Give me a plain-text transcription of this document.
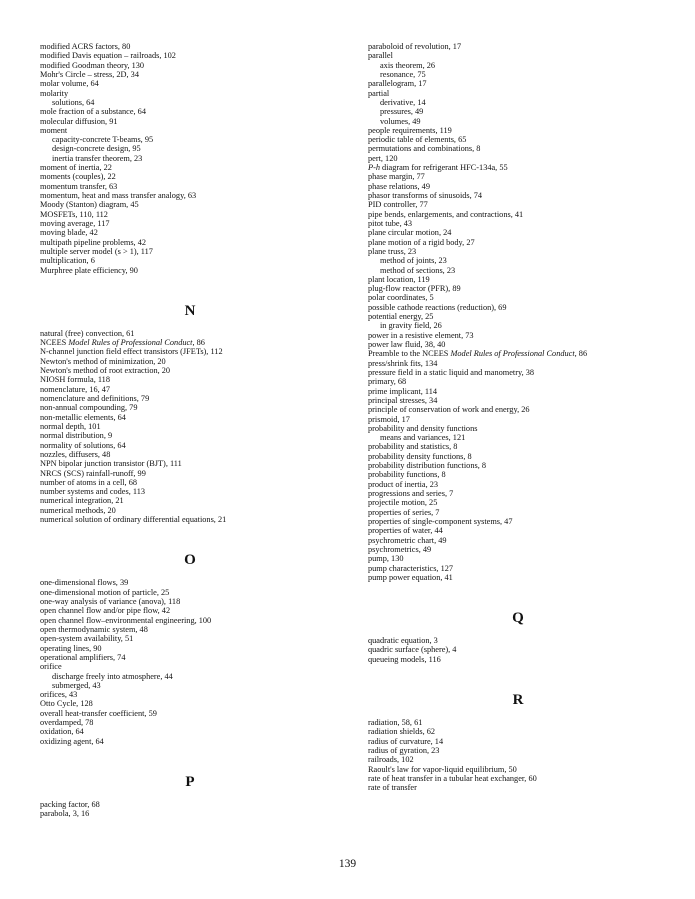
modified ACRS factors, 80
modified Davis equation – railroads, 102
modified Goodman theory, 130
Mohr's Circle – stress, 2D, 34
molar volume, 64
molarity
solutions, 64
mole fraction of a substance, 64
molecular diffusion, 91
moment
capacity-concrete T-beams, 95
design-concrete design, 95
inertia transfer theorem, 23
moment of inertia, 22
moments (couples), 22
momentum transfer, 63
momentum, heat and mass transfer analogy, 63
Moody (Stanton) diagram, 45
MOSFETs, 110, 112
moving average, 117
moving blade, 42
multipath pipeline problems, 42
multiple server model (s > 1), 117
multiplication, 6
Murphree plate efficiency, 90
N
natural (free) convection, 61
NCEES Model Rules of Professional Conduct, 86
N-channel junction field effect transistors (JFETs), 112
Newton's method of minimization, 20
Newton's method of root extraction, 20
NIOSH formula, 118
nomenclature, 16, 47
nomenclature and definitions, 79
non-annual compounding, 79
non-metallic elements, 64
normal depth, 101
normal distribution, 9
normality of solutions, 64
nozzles, diffusers, 48
NPN bipolar junction transistor (BJT), 111
NRCS (SCS) rainfall-runoff, 99
number of atoms in a cell, 68
number systems and codes, 113
numerical integration, 21
numerical methods, 20
numerical solution of ordinary differential equations, 21
O
one-dimensional flows, 39
one-dimensional motion of particle, 25
one-way analysis of variance (anova), 118
open channel flow and/or pipe flow, 42
open channel flow–environmental engineering, 100
open thermodynamic system, 48
open-system availability, 51
operating lines, 90
operational amplifiers, 74
orifice
discharge freely into atmosphere, 44
submerged, 43
orifices, 43
Otto Cycle, 128
overall heat-transfer coefficient, 59
overdamped, 78
oxidation, 64
oxidizing agent, 64
P
packing factor, 68
parabola, 3, 16
paraboloid of revolution, 17
parallel
axis theorem, 26
resonance, 75
parallelogram, 17
partial
derivative, 14
pressures, 49
volumes, 49
people requirements, 119
periodic table of elements, 65
permutations and combinations, 8
pert, 120
P-h diagram for refrigerant HFC-134a, 55
phase margin, 77
phase relations, 49
phasor transforms of sinusoids, 74
PID controller, 77
pipe bends, enlargements, and contractions, 41
pitot tube, 43
plane circular motion, 24
plane motion of a rigid body, 27
plane truss, 23
method of joints, 23
method of sections, 23
plant location, 119
plug-flow reactor (PFR), 89
polar coordinates, 5
possible cathode reactions (reduction), 69
potential energy, 25
in gravity field, 26
power in a resistive element, 73
power law fluid, 38, 40
Preamble to the NCEES Model Rules of Professional Conduct, 86
press/shrink fits, 134
pressure field in a static liquid and manometry, 38
primary, 68
prime implicant, 114
principal stresses, 34
principle of conservation of work and energy, 26
prismoid, 17
probability and density functions
means and variances, 121
probability and statistics, 8
probability density functions, 8
probability distribution functions, 8
probability functions, 8
product of inertia, 23
progressions and series, 7
projectile motion, 25
properties of series, 7
properties of single-component systems, 47
properties of water, 44
psychrometric chart, 49
psychrometrics, 49
pump, 130
pump characteristics, 127
pump power equation, 41
Q
quadratic equation, 3
quadric surface (sphere), 4
queueing models, 116
R
radiation, 58, 61
radiation shields, 62
radius of curvature, 14
radius of gyration, 23
railroads, 102
Raoult's law for vapor-liquid equilibrium, 50
rate of heat transfer in a tubular heat exchanger, 60
rate of transfer
139
